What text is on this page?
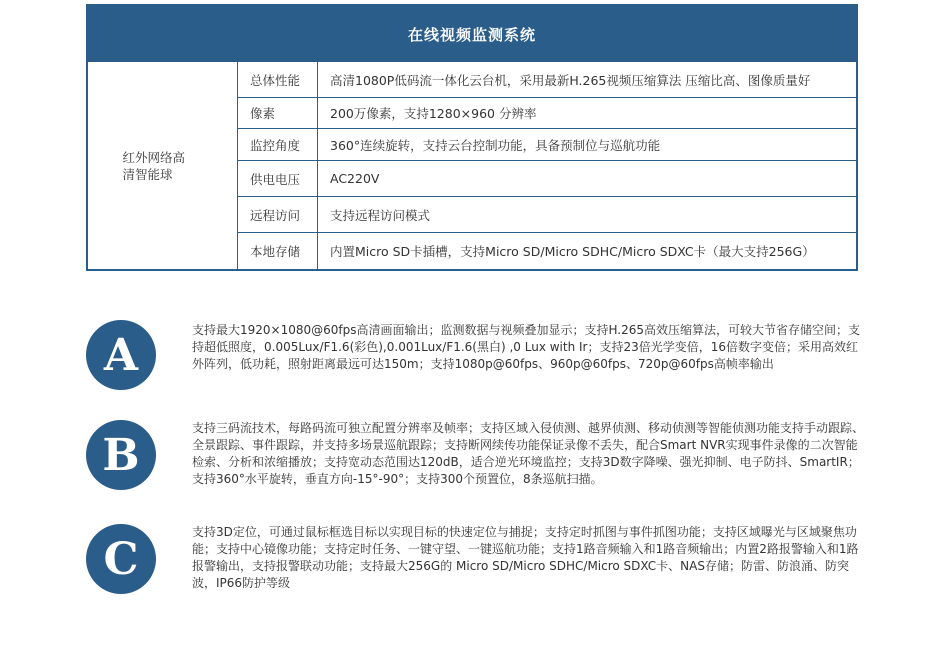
在线视频监测系统
红外网络高
清智能球
总体性能	高清1080P低码流一体化云台机，采用最新H.265视频压缩算法 压缩比高、图像质量好
像素	200万像素，支持1280×960 分辨率
监控角度	360°连续旋转，支持云台控制功能，具备预制位与巡航功能
供电电压	AC220V
远程访问	支持远程访问模式
本地存储	内置Micro SD卡插槽，支持Micro SD/Micro SDHC/Micro SDXC卡（最大支持256G）
A	支持最大1920×1080@60fps高清画面输出；监测数据与视频叠加显示；支持H.265高效压缩算法，可较大节省存储空间；支持超低照度，0.005Lux/F1.6(彩色),0.001Lux/F1.6(黑白) ,0 Lux with Ir；支持23倍光学变倍，16倍数字变倍；采用高效红外阵列，低功耗，照射距离最远可达150m；支持1080p@60fps、960p@60fps、720p@60fps高帧率输出
B
支持三码流技术，每路码流可独立配置分辨率及帧率；支持区域入侵侦测、越界侦测、移动侦测等智能侦测功能支持手动跟踪、全景跟踪、事件跟踪，并支持多场景巡航跟踪；支持断网续传功能保证录像不丢失，配合Smart NVR实现事件录像的二次智能检索、分析和浓缩播放；支持宽动态范围达120dB，适合逆光环境监控；支持3D数字降噪、强光抑制、电子防抖、SmartIR；支持360°水平旋转，垂直方向-15°-90°；支持300个预置位，8条巡航扫描。
C
支持3D定位，可通过鼠标框选目标以实现目标的快速定位与捕捉；支持定时抓图与事件抓图功能；支持区域曝光与区域聚焦功能；支持中心镜像功能；支持定时任务、一键守望、一键巡航功能；支持1路音频输入和1路音频输出；内置2路报警输入和1路报警输出，支持报警联动功能；支持最大256G的 Micro SD/Micro SDHC/Micro SDXC卡、NAS存储；防雷、防浪涌、防突波，IP66防护等级
